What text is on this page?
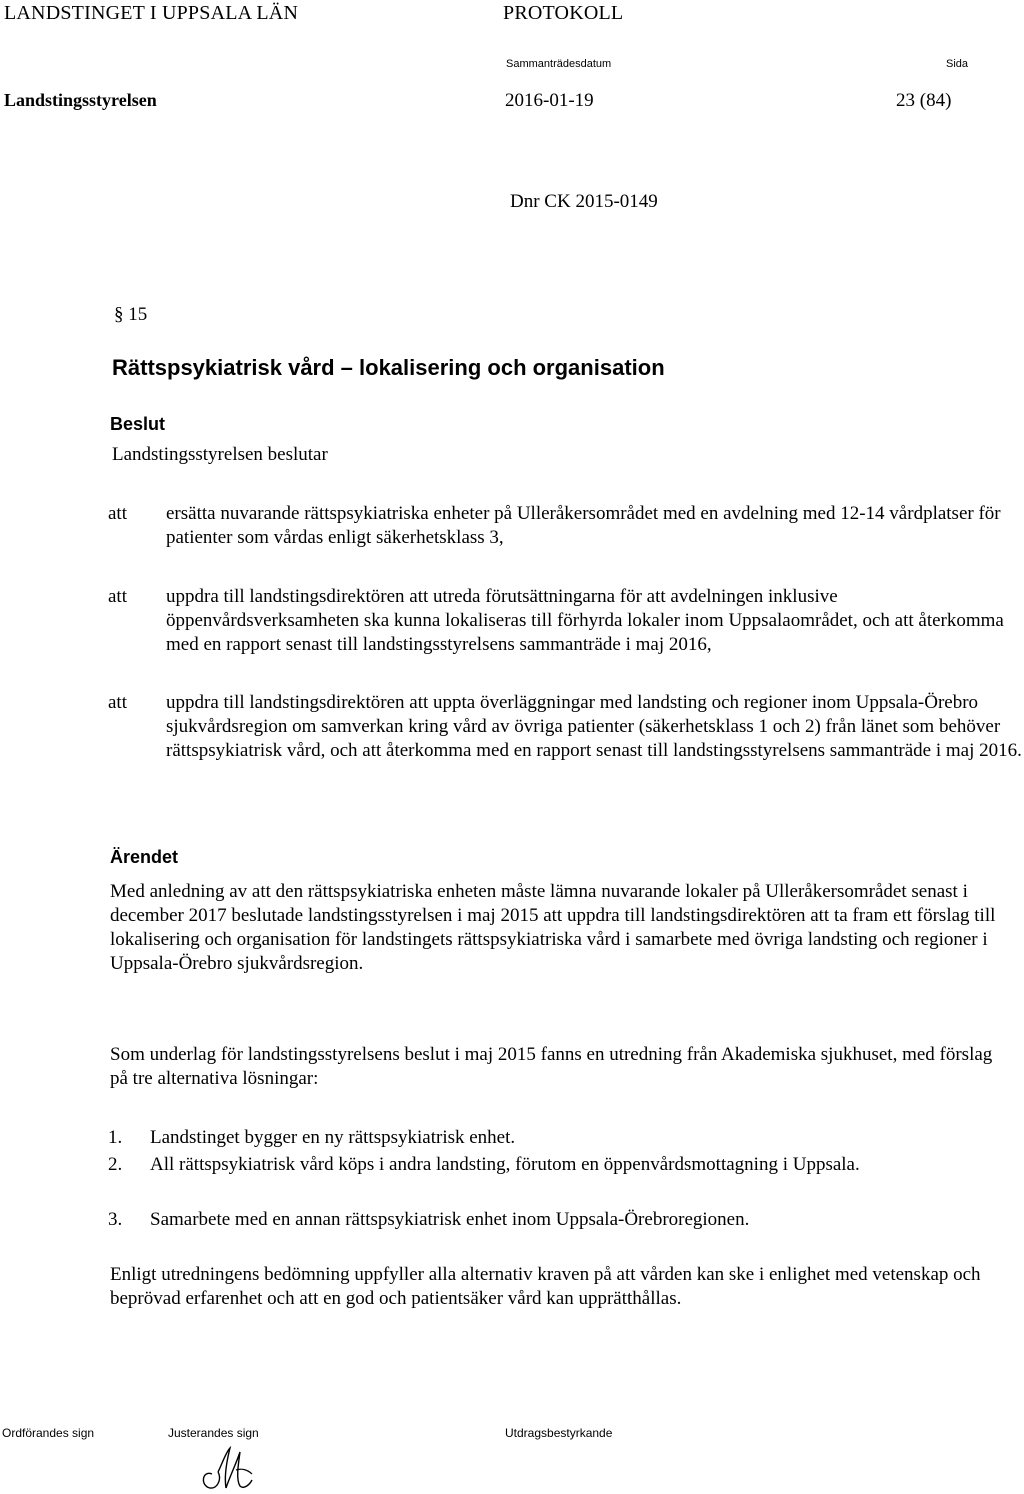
LANDSTINGET I UPPSALA LÄN	PROTOKOLL
Sammanträdesdatum	Sida
Landstingsstyrelsen	2016-01-19	23 (84)
Dnr CK 2015-0149
§ 15
Rättspsykiatrisk vård – lokalisering och organisation
Beslut
Landstingsstyrelsen beslutar
att ersätta nuvarande rättspsykiatriska enheter på Ulleråkersområdet med en avdelning med 12-14 vårdplatser för patienter som vårdas enligt säkerhetsklass 3,
att uppdra till landstingsdirektören att utreda förutsättningarna för att avdelningen inklusive öppenvårdsverksamheten ska kunna lokaliseras till förhyrda lokaler inom Uppsalaområdet, och att återkomma med en rapport senast till landstingsstyrelsens sammanträde i maj 2016,
att uppdra till landstingsdirektören att uppta överläggningar med landsting och regioner inom Uppsala-Örebro sjukvårdsregion om samverkan kring vård av övriga patienter (säkerhetsklass 1 och 2) från länet som behöver rättspsykiatrisk vård, och att återkomma med en rapport senast till landstingsstyrelsens sammanträde i maj 2016.
Ärendet
Med anledning av att den rättspsykiatriska enheten måste lämna nuvarande lokaler på Ulleråkersområdet senast i december 2017 beslutade landstingsstyrelsen i maj 2015 att uppdra till landstingsdirektören att ta fram ett förslag till lokalisering och organisation för landstingets rättspsykiatriska vård i samarbete med övriga landsting och regioner i Uppsala-Örebro sjukvårdsregion.
Som underlag för landstingsstyrelsens beslut i maj 2015 fanns en utredning från Akademiska sjukhuset, med förslag på tre alternativa lösningar:
1. Landstinget bygger en ny rättspsykiatrisk enhet.
2. All rättspsykiatrisk vård köps i andra landsting, förutom en öppenvårdsmottagning i Uppsala.
3. Samarbete med en annan rättspsykiatrisk enhet inom Uppsala-Örebroregionen.
Enligt utredningens bedömning uppfyller alla alternativ kraven på att vården kan ske i enlighet med vetenskap och beprövad erfarenhet och att en god och patientsäker vård kan upprätthållas.
Ordförandes sign	Justerandes sign	Utdragsbestyrkande
